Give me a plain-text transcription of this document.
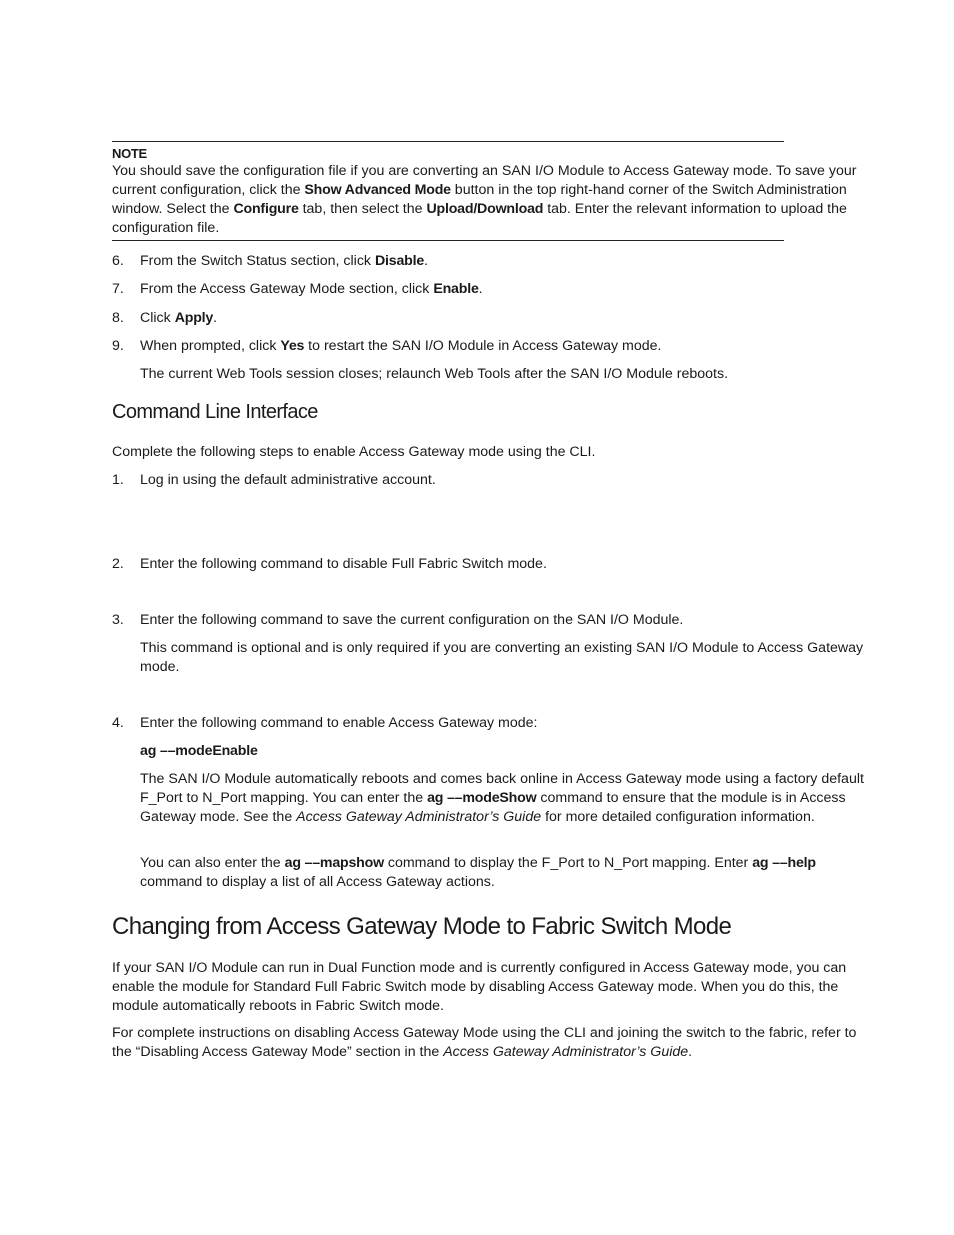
NOTE

You should save the configuration file if you are converting an SAN I/O Module to Access Gateway mode. To save your current configuration, click the Show Advanced Mode button in the top right-hand corner of the Switch Administration window. Select the Configure tab, then select the Upload/Download tab. Enter the relevant information to upload the configuration file.

6. From the Switch Status section, click Disable.
7. From the Access Gateway Mode section, click Enable.
8. Click Apply.
9. When prompted, click Yes to restart the SAN I/O Module in Access Gateway mode.

The current Web Tools session closes; relaunch Web Tools after the SAN I/O Module reboots.

Command Line Interface

Complete the following steps to enable Access Gateway mode using the CLI.

1. Log in using the default administrative account.
2. Enter the following command to disable Full Fabric Switch mode.
3. Enter the following command to save the current configuration on the SAN I/O Module.

This command is optional and is only required if you are converting an existing SAN I/O Module to Access Gateway mode.

4. Enter the following command to enable Access Gateway mode:

ag ––modeEnable

The SAN I/O Module automatically reboots and comes back online in Access Gateway mode using a factory default F_Port to N_Port mapping. You can enter the ag ––modeShow command to ensure that the module is in Access Gateway mode. See the Access Gateway Administrator’s Guide for more detailed configuration information.

You can also enter the ag ––mapshow command to display the F_Port to N_Port mapping. Enter ag ––help command to display a list of all Access Gateway actions.

Changing from Access Gateway Mode to Fabric Switch Mode

If your SAN I/O Module can run in Dual Function mode and is currently configured in Access Gateway mode, you can enable the module for Standard Full Fabric Switch mode by disabling Access Gateway mode. When you do this, the module automatically reboots in Fabric Switch mode.

For complete instructions on disabling Access Gateway Mode using the CLI and joining the switch to the fabric, refer to the “Disabling Access Gateway Mode” section in the Access Gateway Administrator’s Guide.
